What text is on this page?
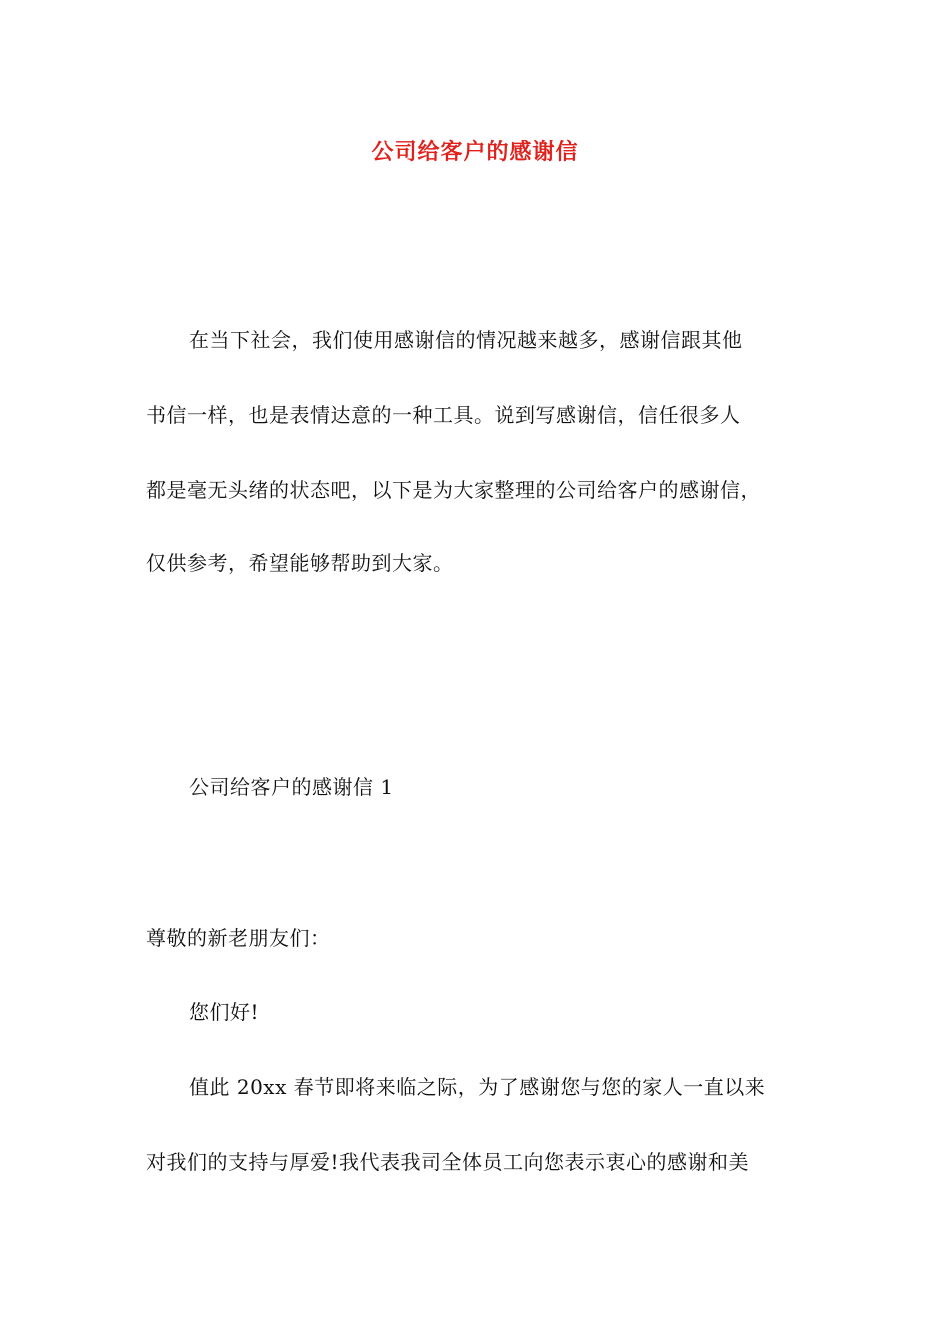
公司给客户的感谢信
在当下社会，我们使用感谢信的情况越来越多，感谢信跟其他
书信一样，也是表情达意的一种工具。说到写感谢信，信任很多人
都是毫无头绪的状态吧，以下是为大家整理的公司给客户的感谢信，
仅供参考，希望能够帮助到大家。
公司给客户的感谢信 1
尊敬的新老朋友们：
您们好!
值此 20xx 春节即将来临之际，为了感谢您与您的家人一直以来
对我们的支持与厚爱!我代表我司全体员工向您表示衷心的感谢和美
